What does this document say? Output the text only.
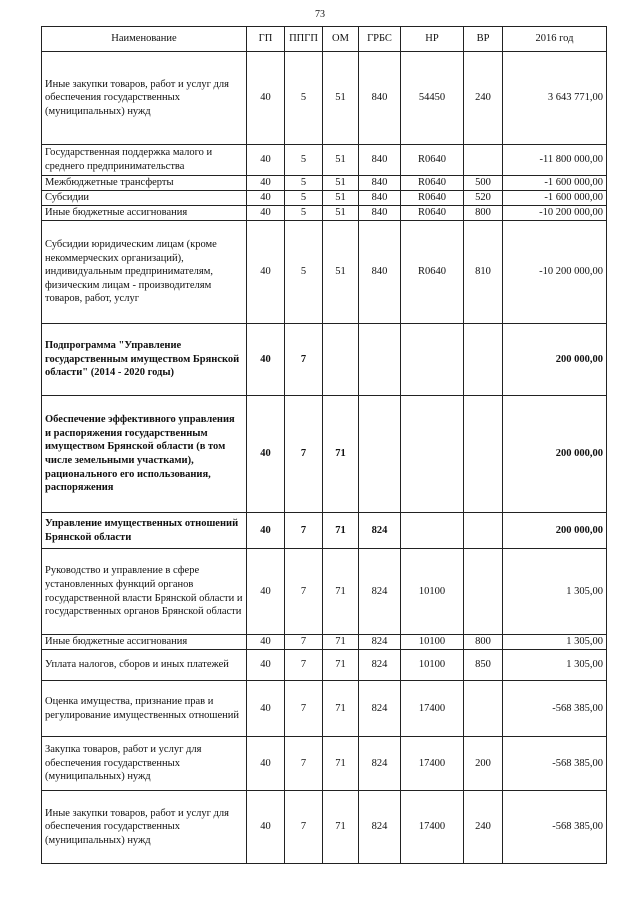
73
Наименование	ГП	ППГП	ОМ	ГРБС	НР	ВР	2016 год
Иные закупки товаров, работ и услуг для обеспечения государственных (муниципальных) нужд	40	5	51	840	54450	240	3 643 771,00
Государственная поддержка малого и среднего предпринимательства	40	5	51	840	R0640		-11 800 000,00
Межбюджетные трансферты	40	5	51	840	R0640	500	-1 600 000,00
Субсидии	40	5	51	840	R0640	520	-1 600 000,00
Иные бюджетные ассигнования	40	5	51	840	R0640	800	-10 200 000,00
Субсидии юридическим лицам (кроме некоммерческих организаций), индивидуальным предпринимателям, физическим лицам - производителям товаров, работ, услуг	40	5	51	840	R0640	810	-10 200 000,00
Подпрограмма "Управление государственным имуществом Брянской области" (2014 - 2020 годы)	40	7					200 000,00
Обеспечение эффективного управления и распоряжения государственным имуществом Брянской области (в том числе земельными участками), рационального его использования, распоряжения	40	7	71				200 000,00
Управление имущественных отношений Брянской области	40	7	71	824			200 000,00
Руководство и управление в сфере установленных функций органов государственной власти Брянской области и государственных органов Брянской области	40	7	71	824	10100		1 305,00
Иные бюджетные ассигнования	40	7	71	824	10100	800	1 305,00
Уплата налогов, сборов и иных платежей	40	7	71	824	10100	850	1 305,00
Оценка имущества, признание прав и регулирование имущественных отношений	40	7	71	824	17400		-568 385,00
Закупка товаров, работ и услуг для обеспечения государственных (муниципальных) нужд	40	7	71	824	17400	200	-568 385,00
Иные закупки товаров, работ и услуг для обеспечения государственных (муниципальных) нужд	40	7	71	824	17400	240	-568 385,00
